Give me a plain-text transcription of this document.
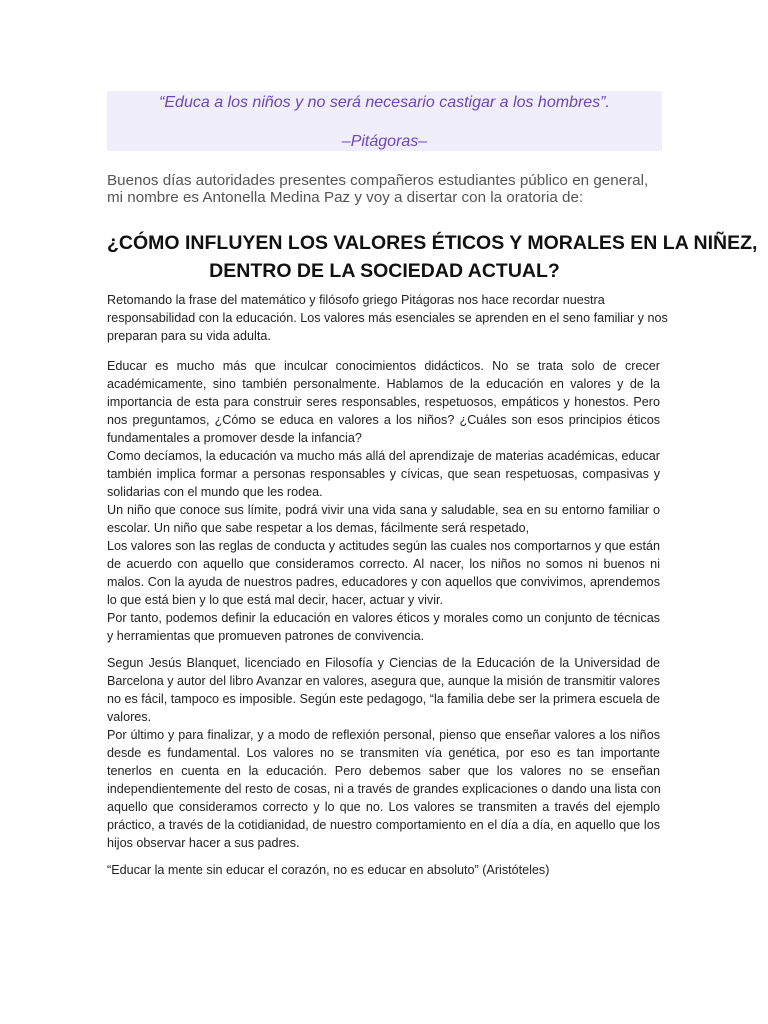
“Educa a los niños y no será necesario castigar a los hombres”.
–Pitágoras–
Buenos días autoridades presentes compañeros estudiantes público en general,
mi nombre es Antonella Medina Paz y voy a disertar con la oratoria de:
¿CÓMO INFLUYEN LOS VALORES ÉTICOS Y MORALES EN LA NIÑEZ,
DENTRO DE LA SOCIEDAD ACTUAL?
Retomando la frase del matemático y filósofo griego Pitágoras nos hace recordar nuestra
responsabilidad con la educación. Los valores más esenciales se aprenden en el seno familiar y nos
preparan para su vida adulta.
Educar es mucho más que inculcar conocimientos didácticos. No se trata solo de crecer
académicamente, sino también personalmente. Hablamos de la educación en valores y de la
importancia de esta para construir seres responsables, respetuosos, empáticos y honestos. Pero
nos preguntamos, ¿Cómo se educa en valores a los niños? ¿Cuáles son esos principios éticos
fundamentales a promover desde la infancia?
Como decíamos, la educación va mucho más allá del aprendizaje de materias académicas, educar
también implica formar a personas responsables y cívicas, que sean respetuosas, compasivas y
solidarias con el mundo que les rodea.
Un niño que conoce sus límite, podrá vivir una vida sana y saludable, sea en su entorno familiar o
escolar. Un niño que sabe respetar a los demas, fácilmente será respetado,
Los valores son las reglas de conducta y actitudes según las cuales nos comportarnos y que están
de acuerdo con aquello que consideramos correcto. Al nacer, los niños no somos ni buenos ni
malos. Con la ayuda de nuestros padres, educadores y con aquellos que convivimos, aprendemos
lo que está bien y lo que está mal decir, hacer, actuar y vivir.
Por tanto, podemos definir la educación en valores éticos y morales como un conjunto de técnicas
y herramientas que promueven patrones de convivencia.
Segun Jesús Blanquet, licenciado en Filosofía y Ciencias de la Educación de la Universidad de
Barcelona y autor del libro Avanzar en valores, asegura que, aunque la misión de transmitir valores
no es fácil, tampoco es imposible. Según este pedagogo, “la familia debe ser la primera escuela de
valores.
Por último y para finalizar, y a modo de reflexión personal, pienso que enseñar valores a los niños
desde es fundamental. Los valores no se transmiten vía genética, por eso es tan importante
tenerlos en cuenta en la educación. Pero debemos saber que los valores no se enseñan
independientemente del resto de cosas, ni a través de grandes explicaciones o dando una lista con
aquello que consideramos correcto y lo que no. Los valores se transmiten a través del ejemplo
práctico, a través de la cotidianidad, de nuestro comportamiento en el día a día, en aquello que los
hijos observar hacer a sus padres.
“Educar la mente sin educar el corazón, no es educar en absoluto” (Aristóteles)
